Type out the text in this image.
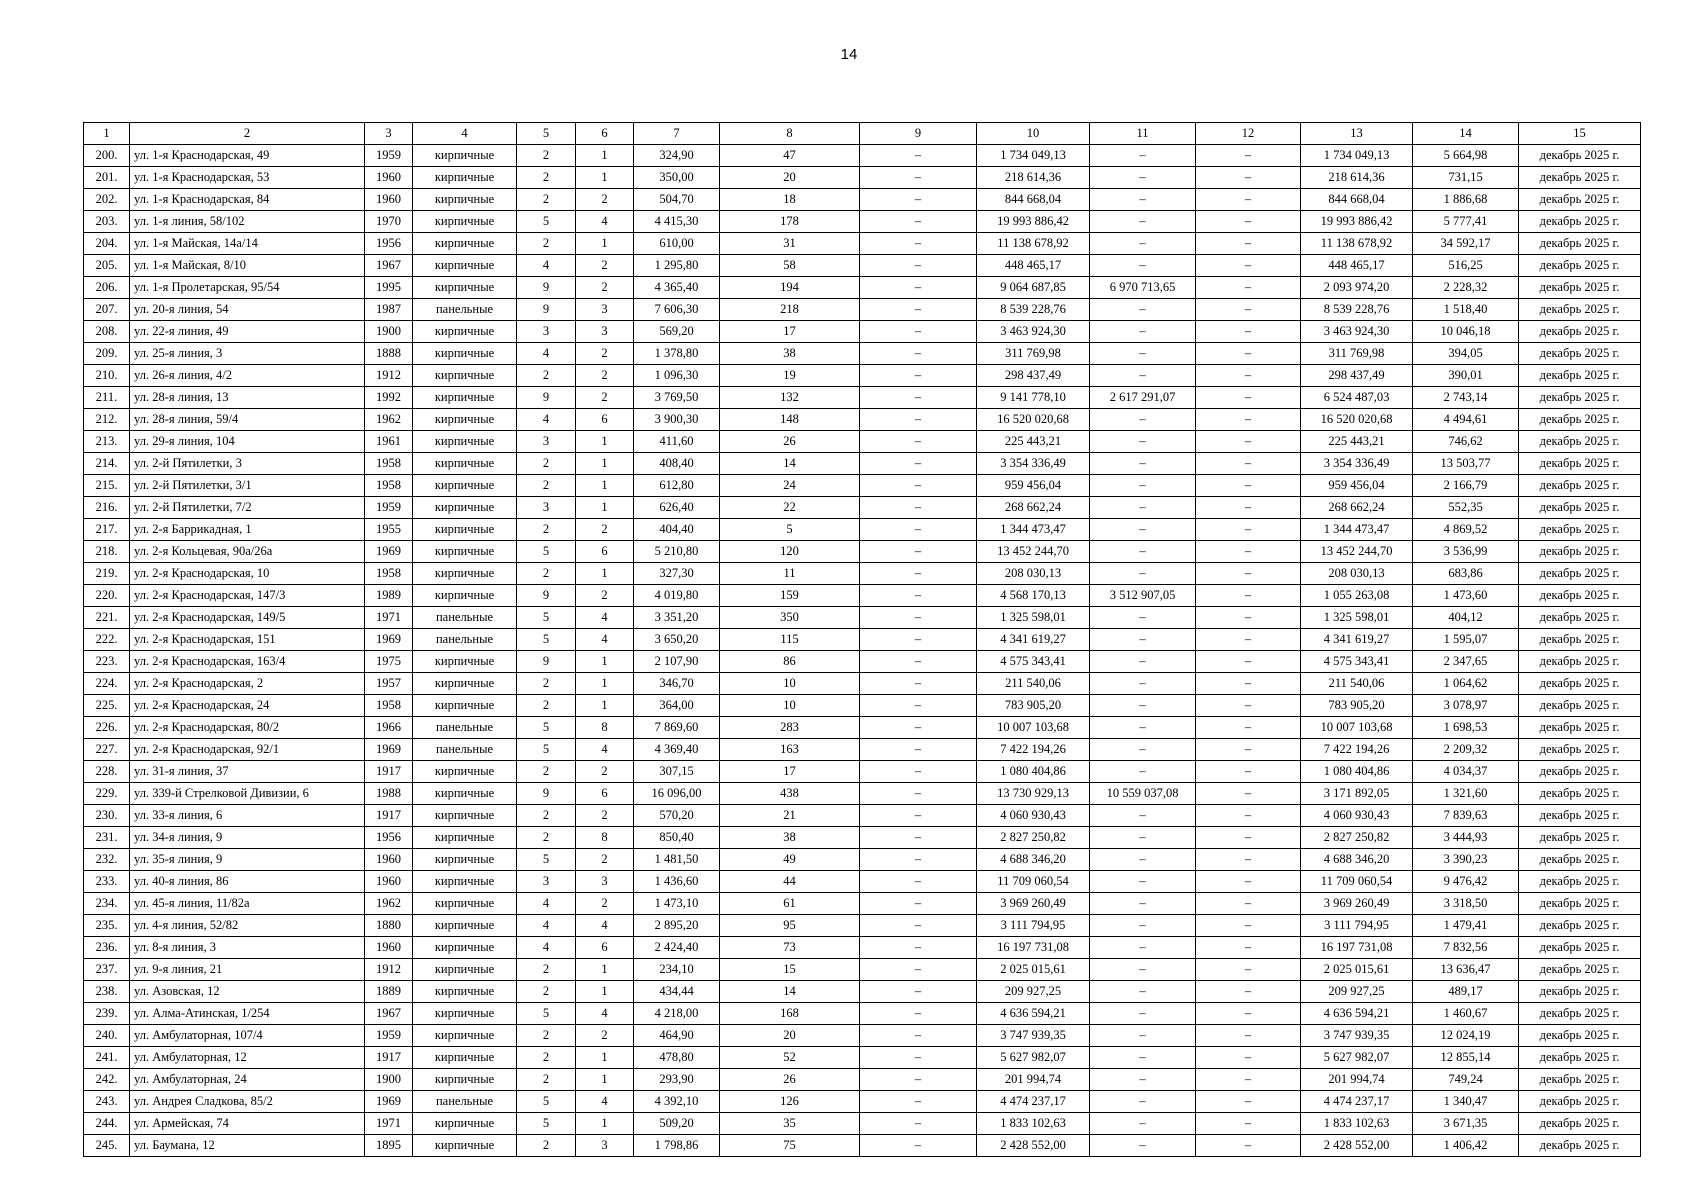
14
1	2	3	4	5	6	7	8	9	10	11	12	13	14	15
200.	ул. 1-я Краснодарская, 49	1959	кирпичные	2	1	324,90	47	–	1 734 049,13	–	–	1 734 049,13	5 664,98	декабрь 2025 г.
201.	ул. 1-я Краснодарская, 53	1960	кирпичные	2	1	350,00	20	–	218 614,36	–	–	218 614,36	731,15	декабрь 2025 г.
202.	ул. 1-я Краснодарская, 84	1960	кирпичные	2	2	504,70	18	–	844 668,04	–	–	844 668,04	1 886,68	декабрь 2025 г.
203.	ул. 1-я линия, 58/102	1970	кирпичные	5	4	4 415,30	178	–	19 993 886,42	–	–	19 993 886,42	5 777,41	декабрь 2025 г.
204.	ул. 1-я Майская, 14а/14	1956	кирпичные	2	1	610,00	31	–	11 138 678,92	–	–	11 138 678,92	34 592,17	декабрь 2025 г.
205.	ул. 1-я Майская, 8/10	1967	кирпичные	4	2	1 295,80	58	–	448 465,17	–	–	448 465,17	516,25	декабрь 2025 г.
206.	ул. 1-я Пролетарская, 95/54	1995	кирпичные	9	2	4 365,40	194	–	9 064 687,85	6 970 713,65	–	2 093 974,20	2 228,32	декабрь 2025 г.
207.	ул. 20-я линия, 54	1987	панельные	9	3	7 606,30	218	–	8 539 228,76	–	–	8 539 228,76	1 518,40	декабрь 2025 г.
208.	ул. 22-я линия, 49	1900	кирпичные	3	3	569,20	17	–	3 463 924,30	–	–	3 463 924,30	10 046,18	декабрь 2025 г.
209.	ул. 25-я линия, 3	1888	кирпичные	4	2	1 378,80	38	–	311 769,98	–	–	311 769,98	394,05	декабрь 2025 г.
210.	ул. 26-я линия, 4/2	1912	кирпичные	2	2	1 096,30	19	–	298 437,49	–	–	298 437,49	390,01	декабрь 2025 г.
211.	ул. 28-я линия, 13	1992	кирпичные	9	2	3 769,50	132	–	9 141 778,10	2 617 291,07	–	6 524 487,03	2 743,14	декабрь 2025 г.
212.	ул. 28-я линия, 59/4	1962	кирпичные	4	6	3 900,30	148	–	16 520 020,68	–	–	16 520 020,68	4 494,61	декабрь 2025 г.
213.	ул. 29-я линия, 104	1961	кирпичные	3	1	411,60	26	–	225 443,21	–	–	225 443,21	746,62	декабрь 2025 г.
214.	ул. 2-й Пятилетки, 3	1958	кирпичные	2	1	408,40	14	–	3 354 336,49	–	–	3 354 336,49	13 503,77	декабрь 2025 г.
215.	ул. 2-й Пятилетки, 3/1	1958	кирпичные	2	1	612,80	24	–	959 456,04	–	–	959 456,04	2 166,79	декабрь 2025 г.
216.	ул. 2-й Пятилетки, 7/2	1959	кирпичные	3	1	626,40	22	–	268 662,24	–	–	268 662,24	552,35	декабрь 2025 г.
217.	ул. 2-я Баррикадная, 1	1955	кирпичные	2	2	404,40	5	–	1 344 473,47	–	–	1 344 473,47	4 869,52	декабрь 2025 г.
218.	ул. 2-я Кольцевая, 90а/26а	1969	кирпичные	5	6	5 210,80	120	–	13 452 244,70	–	–	13 452 244,70	3 536,99	декабрь 2025 г.
219.	ул. 2-я Краснодарская, 10	1958	кирпичные	2	1	327,30	11	–	208 030,13	–	–	208 030,13	683,86	декабрь 2025 г.
220.	ул. 2-я Краснодарская, 147/3	1989	кирпичные	9	2	4 019,80	159	–	4 568 170,13	3 512 907,05	–	1 055 263,08	1 473,60	декабрь 2025 г.
221.	ул. 2-я Краснодарская, 149/5	1971	панельные	5	4	3 351,20	350	–	1 325 598,01	–	–	1 325 598,01	404,12	декабрь 2025 г.
222.	ул. 2-я Краснодарская, 151	1969	панельные	5	4	3 650,20	115	–	4 341 619,27	–	–	4 341 619,27	1 595,07	декабрь 2025 г.
223.	ул. 2-я Краснодарская, 163/4	1975	кирпичные	9	1	2 107,90	86	–	4 575 343,41	–	–	4 575 343,41	2 347,65	декабрь 2025 г.
224.	ул. 2-я Краснодарская, 2	1957	кирпичные	2	1	346,70	10	–	211 540,06	–	–	211 540,06	1 064,62	декабрь 2025 г.
225.	ул. 2-я Краснодарская, 24	1958	кирпичные	2	1	364,00	10	–	783 905,20	–	–	783 905,20	3 078,97	декабрь 2025 г.
226.	ул. 2-я Краснодарская, 80/2	1966	панельные	5	8	7 869,60	283	–	10 007 103,68	–	–	10 007 103,68	1 698,53	декабрь 2025 г.
227.	ул. 2-я Краснодарская, 92/1	1969	панельные	5	4	4 369,40	163	–	7 422 194,26	–	–	7 422 194,26	2 209,32	декабрь 2025 г.
228.	ул. 31-я линия, 37	1917	кирпичные	2	2	307,15	17	–	1 080 404,86	–	–	1 080 404,86	4 034,37	декабрь 2025 г.
229.	ул. 339-й Стрелковой Дивизии, 6	1988	кирпичные	9	6	16 096,00	438	–	13 730 929,13	10 559 037,08	–	3 171 892,05	1 321,60	декабрь 2025 г.
230.	ул. 33-я линия, 6	1917	кирпичные	2	2	570,20	21	–	4 060 930,43	–	–	4 060 930,43	7 839,63	декабрь 2025 г.
231.	ул. 34-я линия, 9	1956	кирпичные	2	8	850,40	38	–	2 827 250,82	–	–	2 827 250,82	3 444,93	декабрь 2025 г.
232.	ул. 35-я линия, 9	1960	кирпичные	5	2	1 481,50	49	–	4 688 346,20	–	–	4 688 346,20	3 390,23	декабрь 2025 г.
233.	ул. 40-я линия, 86	1960	кирпичные	3	3	1 436,60	44	–	11 709 060,54	–	–	11 709 060,54	9 476,42	декабрь 2025 г.
234.	ул. 45-я линия, 11/82а	1962	кирпичные	4	2	1 473,10	61	–	3 969 260,49	–	–	3 969 260,49	3 318,50	декабрь 2025 г.
235.	ул. 4-я линия, 52/82	1880	кирпичные	4	4	2 895,20	95	–	3 111 794,95	–	–	3 111 794,95	1 479,41	декабрь 2025 г.
236.	ул. 8-я линия, 3	1960	кирпичные	4	6	2 424,40	73	–	16 197 731,08	–	–	16 197 731,08	7 832,56	декабрь 2025 г.
237.	ул. 9-я линия, 21	1912	кирпичные	2	1	234,10	15	–	2 025 015,61	–	–	2 025 015,61	13 636,47	декабрь 2025 г.
238.	ул. Азовская, 12	1889	кирпичные	2	1	434,44	14	–	209 927,25	–	–	209 927,25	489,17	декабрь 2025 г.
239.	ул. Алма-Атинская, 1/254	1967	кирпичные	5	4	4 218,00	168	–	4 636 594,21	–	–	4 636 594,21	1 460,67	декабрь 2025 г.
240.	ул. Амбулаторная, 107/4	1959	кирпичные	2	2	464,90	20	–	3 747 939,35	–	–	3 747 939,35	12 024,19	декабрь 2025 г.
241.	ул. Амбулаторная, 12	1917	кирпичные	2	1	478,80	52	–	5 627 982,07	–	–	5 627 982,07	12 855,14	декабрь 2025 г.
242.	ул. Амбулаторная, 24	1900	кирпичные	2	1	293,90	26	–	201 994,74	–	–	201 994,74	749,24	декабрь 2025 г.
243.	ул. Андрея Сладкова, 85/2	1969	панельные	5	4	4 392,10	126	–	4 474 237,17	–	–	4 474 237,17	1 340,47	декабрь 2025 г.
244.	ул. Армейская, 74	1971	кирпичные	5	1	509,20	35	–	1 833 102,63	–	–	1 833 102,63	3 671,35	декабрь 2025 г.
245.	ул. Баумана, 12	1895	кирпичные	2	3	1 798,86	75	–	2 428 552,00	–	–	2 428 552,00	1 406,42	декабрь 2025 г.
